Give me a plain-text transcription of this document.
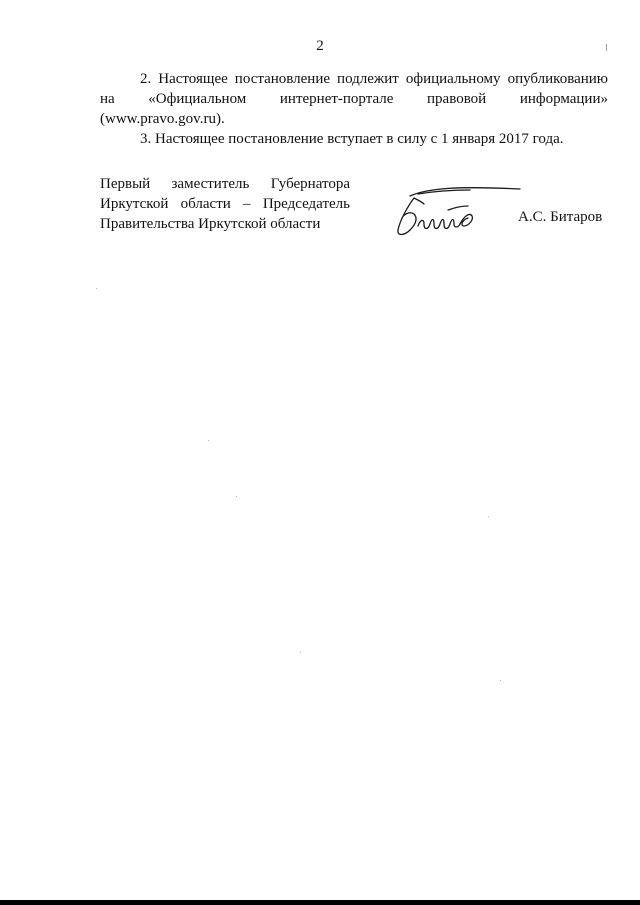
2

2. Настоящее постановление подлежит официальному опубликованию на «Официальном интернет-портале правовой информации» (www.pravo.gov.ru).

3. Настоящее постановление вступает в силу с 1 января 2017 года.

Первый заместитель Губернатора
Иркутской области – Председатель
Правительства Иркутской области	А.С. Битаров
